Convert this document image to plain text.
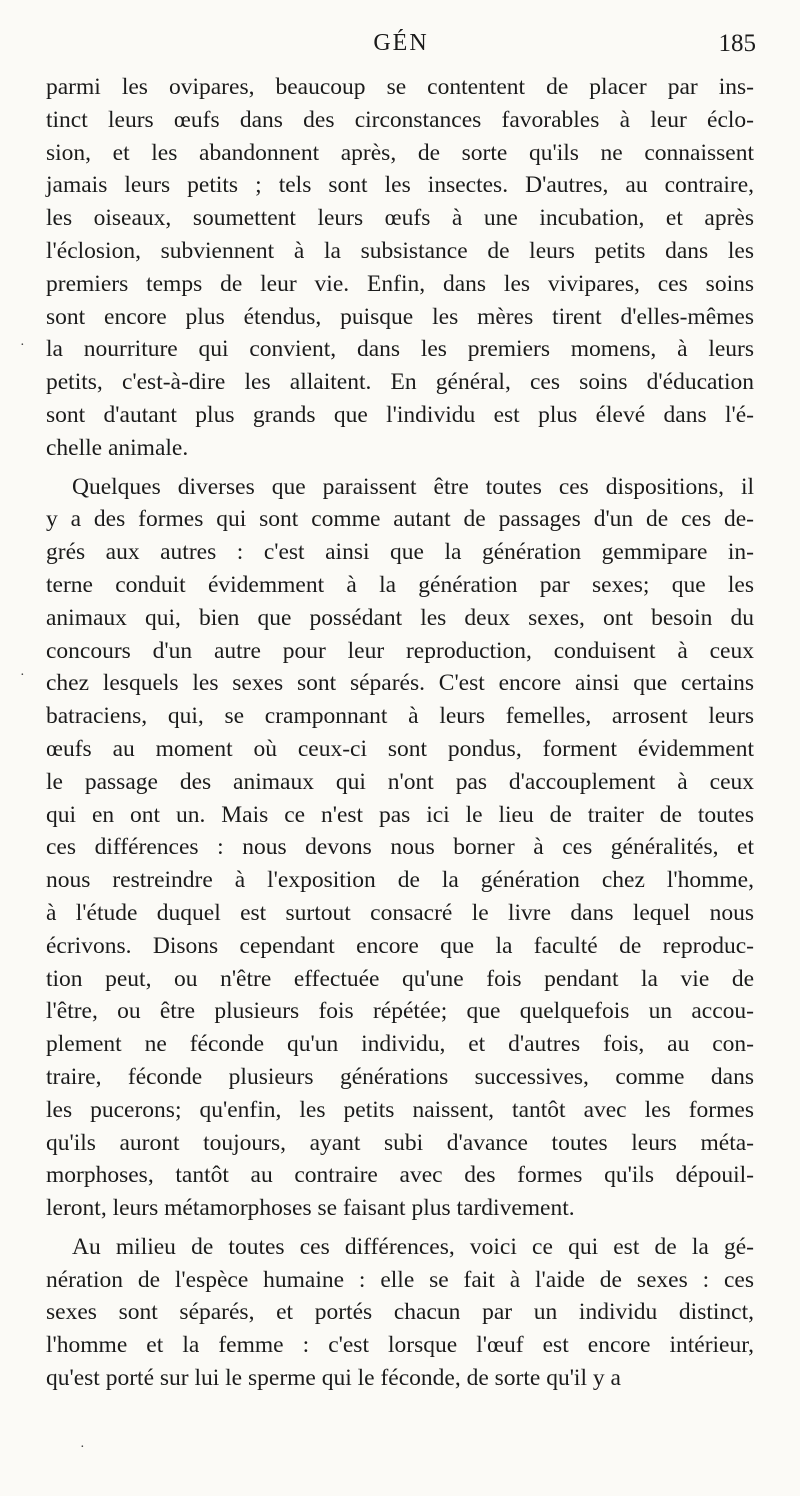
GÉN	185
parmi les ovipares, beaucoup se contentent de placer par ins-
tinct leurs œufs dans des circonstances favorables à leur éclo-
sion, et les abandonnent après, de sorte qu'ils ne connaissent
jamais leurs petits ; tels sont les insectes. D'autres, au contraire,
les oiseaux, soumettent leurs œufs à une incubation, et après
l'éclosion, subviennent à la subsistance de leurs petits dans les
premiers temps de leur vie. Enfin, dans les vivipares, ces soins
sont encore plus étendus, puisque les mères tirent d'elles-mêmes
la nourriture qui convient, dans les premiers momens, à leurs
petits, c'est-à-dire les allaitent. En général, ces soins d'éducation
sont d'autant plus grands que l'individu est plus élevé dans l'é-
chelle animale.
Quelques diverses que paraissent être toutes ces dispositions, il
y a des formes qui sont comme autant de passages d'un de ces de-
grés aux autres : c'est ainsi que la génération gemmipare in-
terne conduit évidemment à la génération par sexes; que les
animaux qui, bien que possédant les deux sexes, ont besoin du
concours d'un autre pour leur reproduction, conduisent à ceux
chez lesquels les sexes sont séparés. C'est encore ainsi que certains
batraciens, qui, se cramponnant à leurs femelles, arrosent leurs
œufs au moment où ceux-ci sont pondus, forment évidemment
le passage des animaux qui n'ont pas d'accouplement à ceux
qui en ont un. Mais ce n'est pas ici le lieu de traiter de toutes
ces différences : nous devons nous borner à ces généralités, et
nous restreindre à l'exposition de la génération chez l'homme,
à l'étude duquel est surtout consacré le livre dans lequel nous
écrivons. Disons cependant encore que la faculté de reproduc-
tion peut, ou n'être effectuée qu'une fois pendant la vie de
l'être, ou être plusieurs fois répétée; que quelquefois un accou-
plement ne féconde qu'un individu, et d'autres fois, au con-
traire, féconde plusieurs générations successives, comme dans
les pucerons; qu'enfin, les petits naissent, tantôt avec les formes
qu'ils auront toujours, ayant subi d'avance toutes leurs méta-
morphoses, tantôt au contraire avec des formes qu'ils dépouil-
leront, leurs métamorphoses se faisant plus tardivement.
Au milieu de toutes ces différences, voici ce qui est de la gé-
nération de l'espèce humaine : elle se fait à l'aide de sexes : ces
sexes sont séparés, et portés chacun par un individu distinct,
l'homme et la femme : c'est lorsque l'œuf est encore intérieur,
qu'est porté sur lui le sperme qui le féconde, de sorte qu'il y a
·
·
·
